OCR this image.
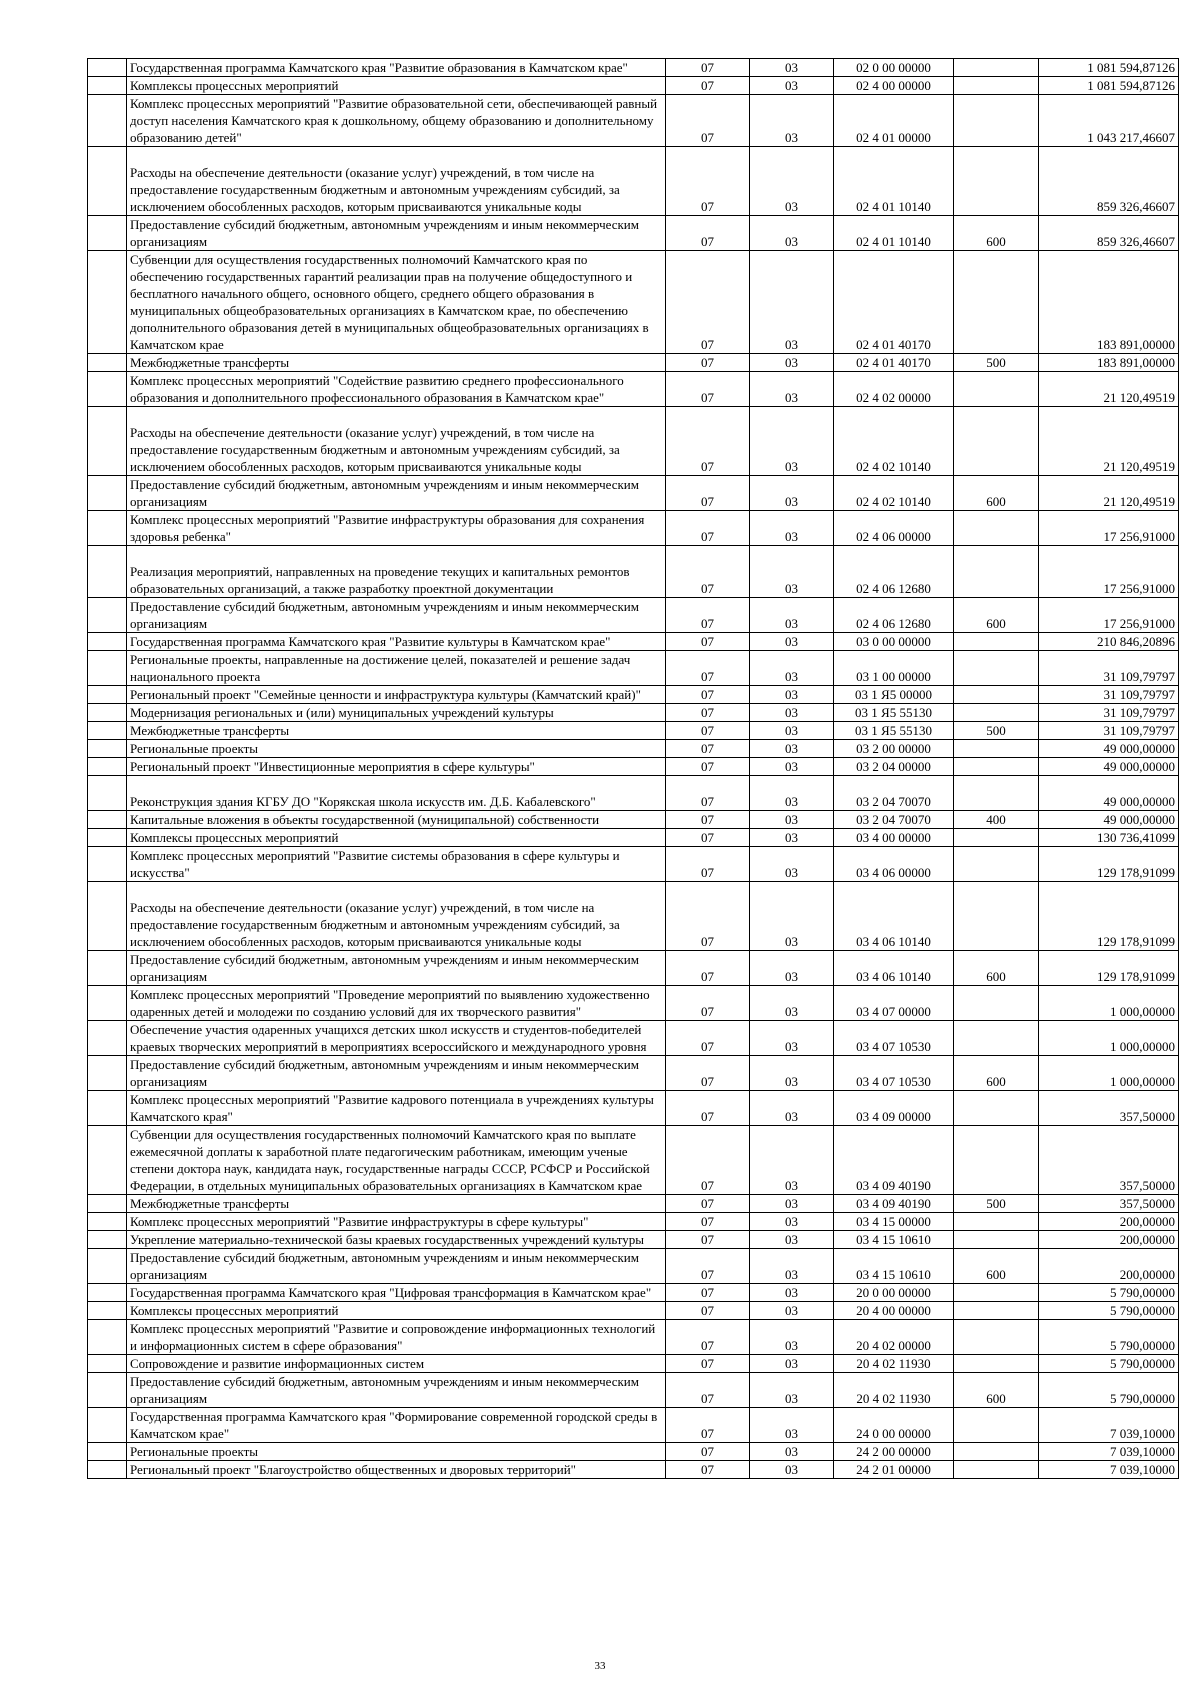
	Государственная программа Камчатского края "Развитие образования в Камчатском крае"	07	03	02 0 00 00000		1 081 594,87126

	Комплексы процессных мероприятий	07	03	02 4 00 00000		1 081 594,87126

	Комплекс процессных мероприятий "Развитие образовательной сети, обеспечивающей равный доступ населения Камчатского края к дошкольному, общему образованию и дополнительному образованию детей"	07	03	02 4 01 00000		1 043 217,46607

	Расходы на обеспечение деятельности (оказание услуг) учреждений, в том числе на предоставление государственным бюджетным и автономным учреждениям субсидий, за исключением обособленных расходов, которым присваиваются уникальные коды	07	03	02 4 01 10140		859 326,46607

	Предоставление субсидий бюджетным, автономным учреждениям и иным некоммерческим организациям	07	03	02 4 01 10140	600	859 326,46607

	Субвенции для осуществления государственных полномочий Камчатского края по обеспечению государственных гарантий реализации прав на получение общедоступного и бесплатного начального общего, основного общего, среднего общего образования в муниципальных общеобразовательных организациях в Камчатском крае, по обеспечению дополнительного образования детей в муниципальных общеобразовательных организациях в Камчатском крае	07	03	02 4 01 40170		183 891,00000

	Межбюджетные трансферты	07	03	02 4 01 40170	500	183 891,00000

	Комплекс процессных мероприятий "Содействие развитию среднего профессионального образования и дополнительного профессионального образования в Камчатском крае"	07	03	02 4 02 00000		21 120,49519

	Расходы на обеспечение деятельности (оказание услуг) учреждений, в том числе на предоставление государственным бюджетным и автономным учреждениям субсидий, за исключением обособленных расходов, которым присваиваются уникальные коды	07	03	02 4 02 10140		21 120,49519

	Предоставление субсидий бюджетным, автономным учреждениям и иным некоммерческим организациям	07	03	02 4 02 10140	600	21 120,49519

	Комплекс процессных мероприятий "Развитие инфраструктуры образования для сохранения здоровья ребенка"	07	03	02 4 06 00000		17 256,91000

	Реализация мероприятий, направленных на проведение текущих и капитальных ремонтов образовательных организаций, а также разработку проектной документации	07	03	02 4 06 12680		17 256,91000

	Предоставление субсидий бюджетным, автономным учреждениям и иным некоммерческим организациям	07	03	02 4 06 12680	600	17 256,91000

	Государственная программа Камчатского края "Развитие культуры в Камчатском крае"	07	03	03 0 00 00000		210 846,20896

	Региональные проекты, направленные на достижение целей, показателей и решение задач национального проекта	07	03	03 1 00 00000		31 109,79797

	Региональный проект "Семейные ценности и инфраструктура культуры (Камчатский край)"	07	03	03 1 Я5 00000		31 109,79797

	Модернизация региональных и (или) муниципальных учреждений культуры	07	03	03 1 Я5 55130		31 109,79797

	Межбюджетные трансферты	07	03	03 1 Я5 55130	500	31 109,79797

	Региональные проекты	07	03	03 2 00 00000		49 000,00000

	Региональный проект "Инвестиционные мероприятия в сфере культуры"	07	03	03 2 04 00000		49 000,00000

	Реконструкция здания КГБУ ДО "Корякская школа искусств им. Д.Б. Кабалевского"	07	03	03 2 04 70070		49 000,00000

	Капитальные вложения в объекты государственной (муниципальной) собственности	07	03	03 2 04 70070	400	49 000,00000

	Комплексы процессных мероприятий	07	03	03 4 00 00000		130 736,41099

	Комплекс процессных мероприятий "Развитие системы образования в сфере культуры и искусства"	07	03	03 4 06 00000		129 178,91099

	Расходы на обеспечение деятельности (оказание услуг) учреждений, в том числе на предоставление государственным бюджетным и автономным учреждениям субсидий, за исключением обособленных расходов, которым присваиваются уникальные коды	07	03	03 4 06 10140		129 178,91099

	Предоставление субсидий бюджетным, автономным учреждениям и иным некоммерческим организациям	07	03	03 4 06 10140	600	129 178,91099

	Комплекс процессных мероприятий "Проведение мероприятий по выявлению художественно одаренных детей и молодежи по созданию условий для их творческого развития"	07	03	03 4 07 00000		1 000,00000

	Обеспечение участия одаренных учащихся детских школ искусств и студентов-победителей краевых творческих мероприятий в мероприятиях всероссийского и международного уровня	07	03	03 4 07 10530		1 000,00000

	Предоставление субсидий бюджетным, автономным учреждениям и иным некоммерческим организациям	07	03	03 4 07 10530	600	1 000,00000

	Комплекс процессных мероприятий "Развитие кадрового потенциала в учреждениях культуры Камчатского края"	07	03	03 4 09 00000		357,50000

	Субвенции для осуществления государственных полномочий Камчатского края по выплате ежемесячной доплаты к заработной плате педагогическим работникам, имеющим ученые степени доктора наук, кандидата наук, государственные награды СССР, РСФСР и Российской Федерации, в отдельных муниципальных образовательных организациях в Камчатском крае	07	03	03 4 09 40190		357,50000

	Межбюджетные трансферты	07	03	03 4 09 40190	500	357,50000

	Комплекс процессных мероприятий "Развитие инфраструктуры в сфере культуры"	07	03	03 4 15 00000		200,00000

	Укрепление материально-технической базы краевых государственных учреждений культуры	07	03	03 4 15 10610		200,00000

	Предоставление субсидий бюджетным, автономным учреждениям и иным некоммерческим организациям	07	03	03 4 15 10610	600	200,00000

	Государственная программа Камчатского края "Цифровая трансформация в Камчатском крае"	07	03	20 0 00 00000		5 790,00000

	Комплексы процессных мероприятий	07	03	20 4 00 00000		5 790,00000

	Комплекс процессных мероприятий "Развитие и сопровождение информационных технологий и информационных систем в сфере образования"	07	03	20 4 02 00000		5 790,00000

	Сопровождение и развитие информационных систем	07	03	20 4 02 11930		5 790,00000

	Предоставление субсидий бюджетным, автономным учреждениям и иным некоммерческим организациям	07	03	20 4 02 11930	600	5 790,00000

	Государственная программа Камчатского края "Формирование современной городской среды в Камчатском крае"	07	03	24 0 00 00000		7 039,10000

	Региональные проекты	07	03	24 2 00 00000		7 039,10000

	Региональный проект "Благоустройство общественных и дворовых территорий"	07	03	24 2 01 00000		7 039,10000
33
